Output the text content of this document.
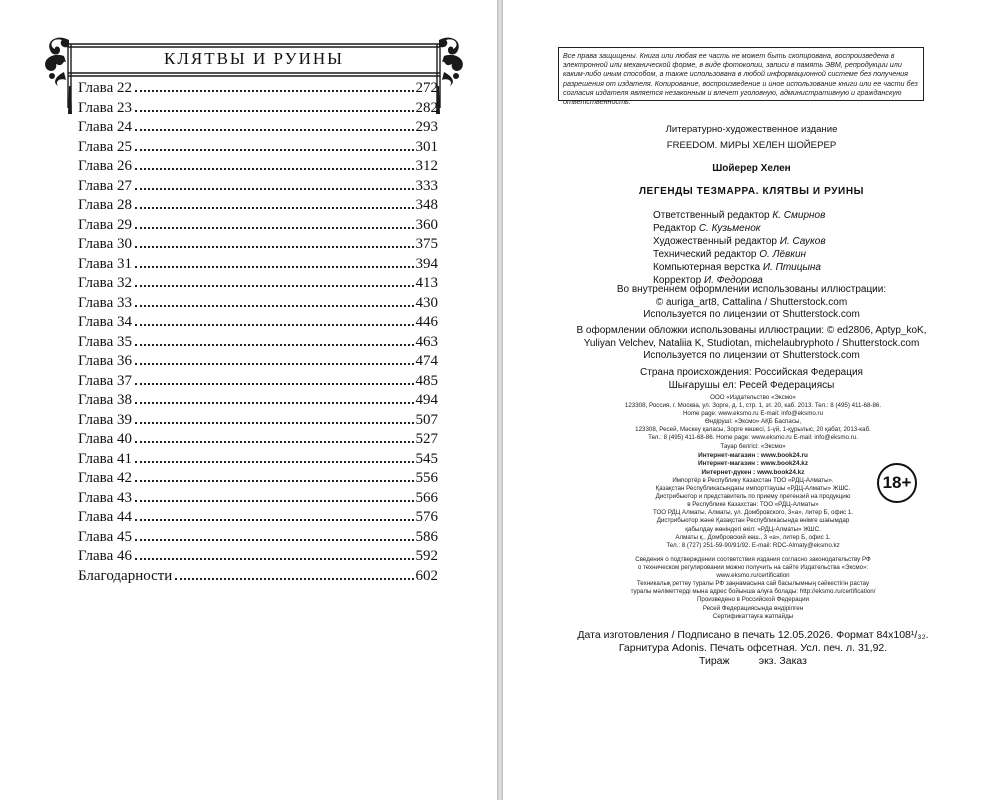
КЛЯТВЫ И РУИНЫ
Глава 22	272
Глава 23	282
Глава 24	293
Глава 25	301
Глава 26	312
Глава 27	333
Глава 28	348
Глава 29	360
Глава 30	375
Глава 31	394
Глава 32	413
Глава 33	430
Глава 34	446
Глава 35	463
Глава 36	474
Глава 37	485
Глава 38	494
Глава 39	507
Глава 40	527
Глава 41	545
Глава 42	556
Глава 43	566
Глава 44	576
Глава 45	586
Глава 46	592
Благодарности	602
Все права защищены. Книга или любая ее часть не может быть скопирована, воспроизведена в электронной или механической форме, в виде фотокопии, записи в память ЭВМ, репродукции или каким-либо иным способом, а также использована в любой информационной системе без получения разрешения от издателя. Копирование, воспроизведение и иное использование книги или ее части без согласия издателя является незаконным и влечет уголовную, административную и гражданскую ответственность.
Литературно-художественное издание
FREEDOM. МИРЫ ХЕЛЕН ШОЙЕРЕР
Шойерер Хелен
ЛЕГЕНДЫ ТЕЗМАРРА. КЛЯТВЫ И РУИНЫ
Ответственный редактор К. Смирнов
Редактор С. Кузьменок
Художественный редактор И. Сауков
Технический редактор О. Лёвкин
Компьютерная верстка И. Птицына
Корректор И. Федорова
Во внутреннем оформлении использованы иллюстрации:
© auriga_art8, Cattalina / Shutterstock.com
Используется по лицензии от Shutterstock.com
В оформлении обложки использованы иллюстрации: © ed2806, Aptyp_koK,
Yuliyan Velchev, Nataliia K, Studiotan, michelaubryphoto / Shutterstock.com
Используется по лицензии от Shutterstock.com
Страна происхождения: Российская Федерация
Шығарушы ел: Ресей Федерациясы
ООО «Издательство «Эксмо»
123308, Россия, г. Москва, ул. Зорге, д. 1, стр. 1, эт. 20, каб. 2013. Тел.: 8 (495) 411-68-86.
Home page: www.eksmo.ru E-mail: info@eksmo.ru
Өндіруші: «Эксмо» АҚБ Баспасы,
123308, Ресей, Мәскеу қаласы, Зорге көшесі, 1-үй, 1-құрылыс, 20 қабат, 2013-каб.
Тел.: 8 (495) 411-68-86. Home page: www.eksmo.ru E-mail: info@eksmo.ru.
Тауар белгісі: «Эксмо»
Интернет-магазин : www.book24.ru
Интернет-магазин : www.book24.kz
Интернет-дүкен : www.book24.kz
Импортёр в Республику Казахстан ТОО «РДЦ-Алматы».
Қазақстан Республикасындағы импорттаушы «РДЦ-Алматы» ЖШС.
Дистрибьютор и представитель по приему претензий на продукцию
в Республике Казахстан: ТОО «РДЦ-Алматы»
ТОО РДЦ Алматы, Алматы, ул. Домбровского, 3«а», литер Б, офис 1.
Дистрибьютор және Қазақстан Республикасында өнімге шағымдар
қабылдау жөніндегі өкіл: «РДЦ-Алматы» ЖШС.
Алматы қ., Домбровский көш., 3 «а», литер Б, офис 1.
Тел.: 8 (727) 251-59-90/91/92. E-mail: RDC-Almaty@eksmo.kz
Сведения о подтверждении соответствия издания согласно законодательству РФ
о техническом регулировании можно получить на сайте Издательства «Эксмо»:
www.eksmo.ru/certification
Техникалық реттеу туралы РФ заңнамасына сай басылымның сәйкестігін растау
туралы мәліметтерді мына адрес бойынша алуға болады: http://eksmo.ru/certification/
Произведено в Российской Федерации
Ресей Федерациясында өндірілген
Сертификаттауға жатпайды
18+
Дата изготовления / Подписано в печать 12.05.2026. Формат 84x108¹/₃₂.
Гарнитура Adonis. Печать офсетная. Усл. печ. л. 31,92.
Тираж          экз. Заказ
